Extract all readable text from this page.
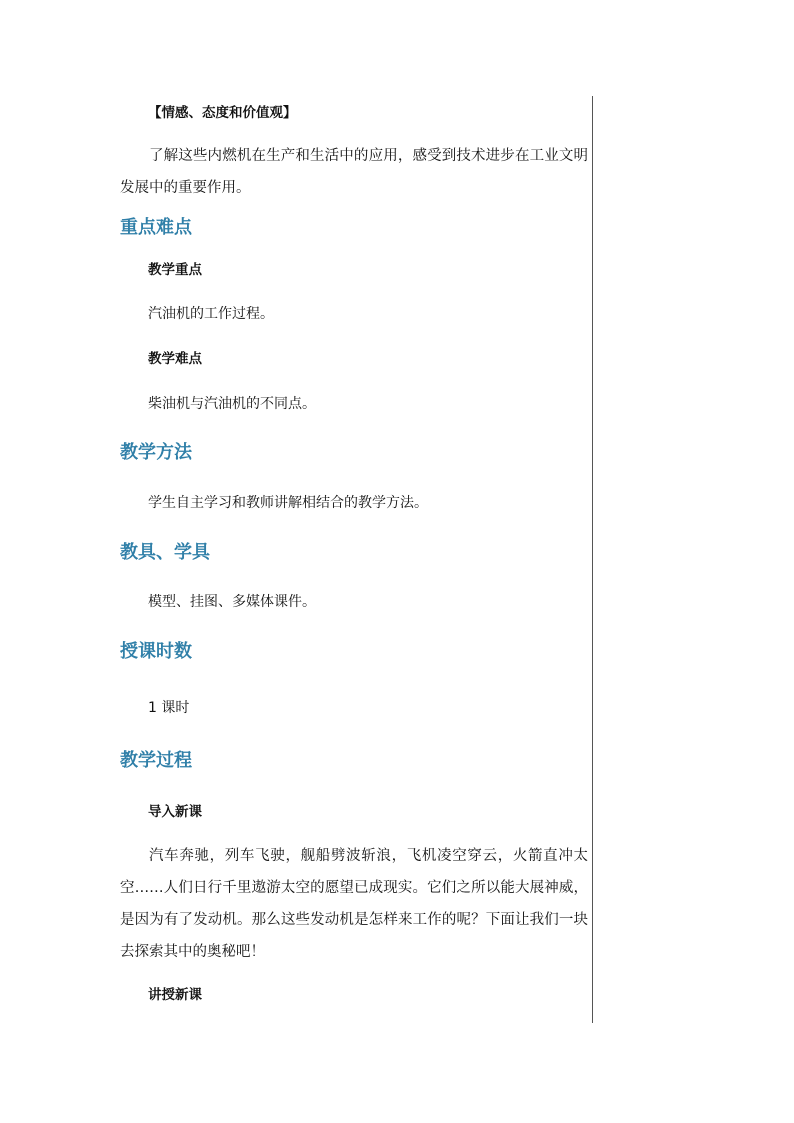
【情感、态度和价值观】
了解这些内燃机在生产和生活中的应用，感受到技术进步在工业文明发展中的重要作用。
重点难点
教学重点
汽油机的工作过程。
教学难点
柴油机与汽油机的不同点。
教学方法
学生自主学习和教师讲解相结合的教学方法。
教具、学具
模型、挂图、多媒体课件。
授课时数
1 课时
教学过程
导入新课
汽车奔驰，列车飞驶，舰船劈波斩浪，飞机凌空穿云，火箭直冲太空……人们日行千里遨游太空的愿望已成现实。它们之所以能大展神威，是因为有了发动机。那么这些发动机是怎样来工作的呢？下面让我们一块去探索其中的奥秘吧！
讲授新课
